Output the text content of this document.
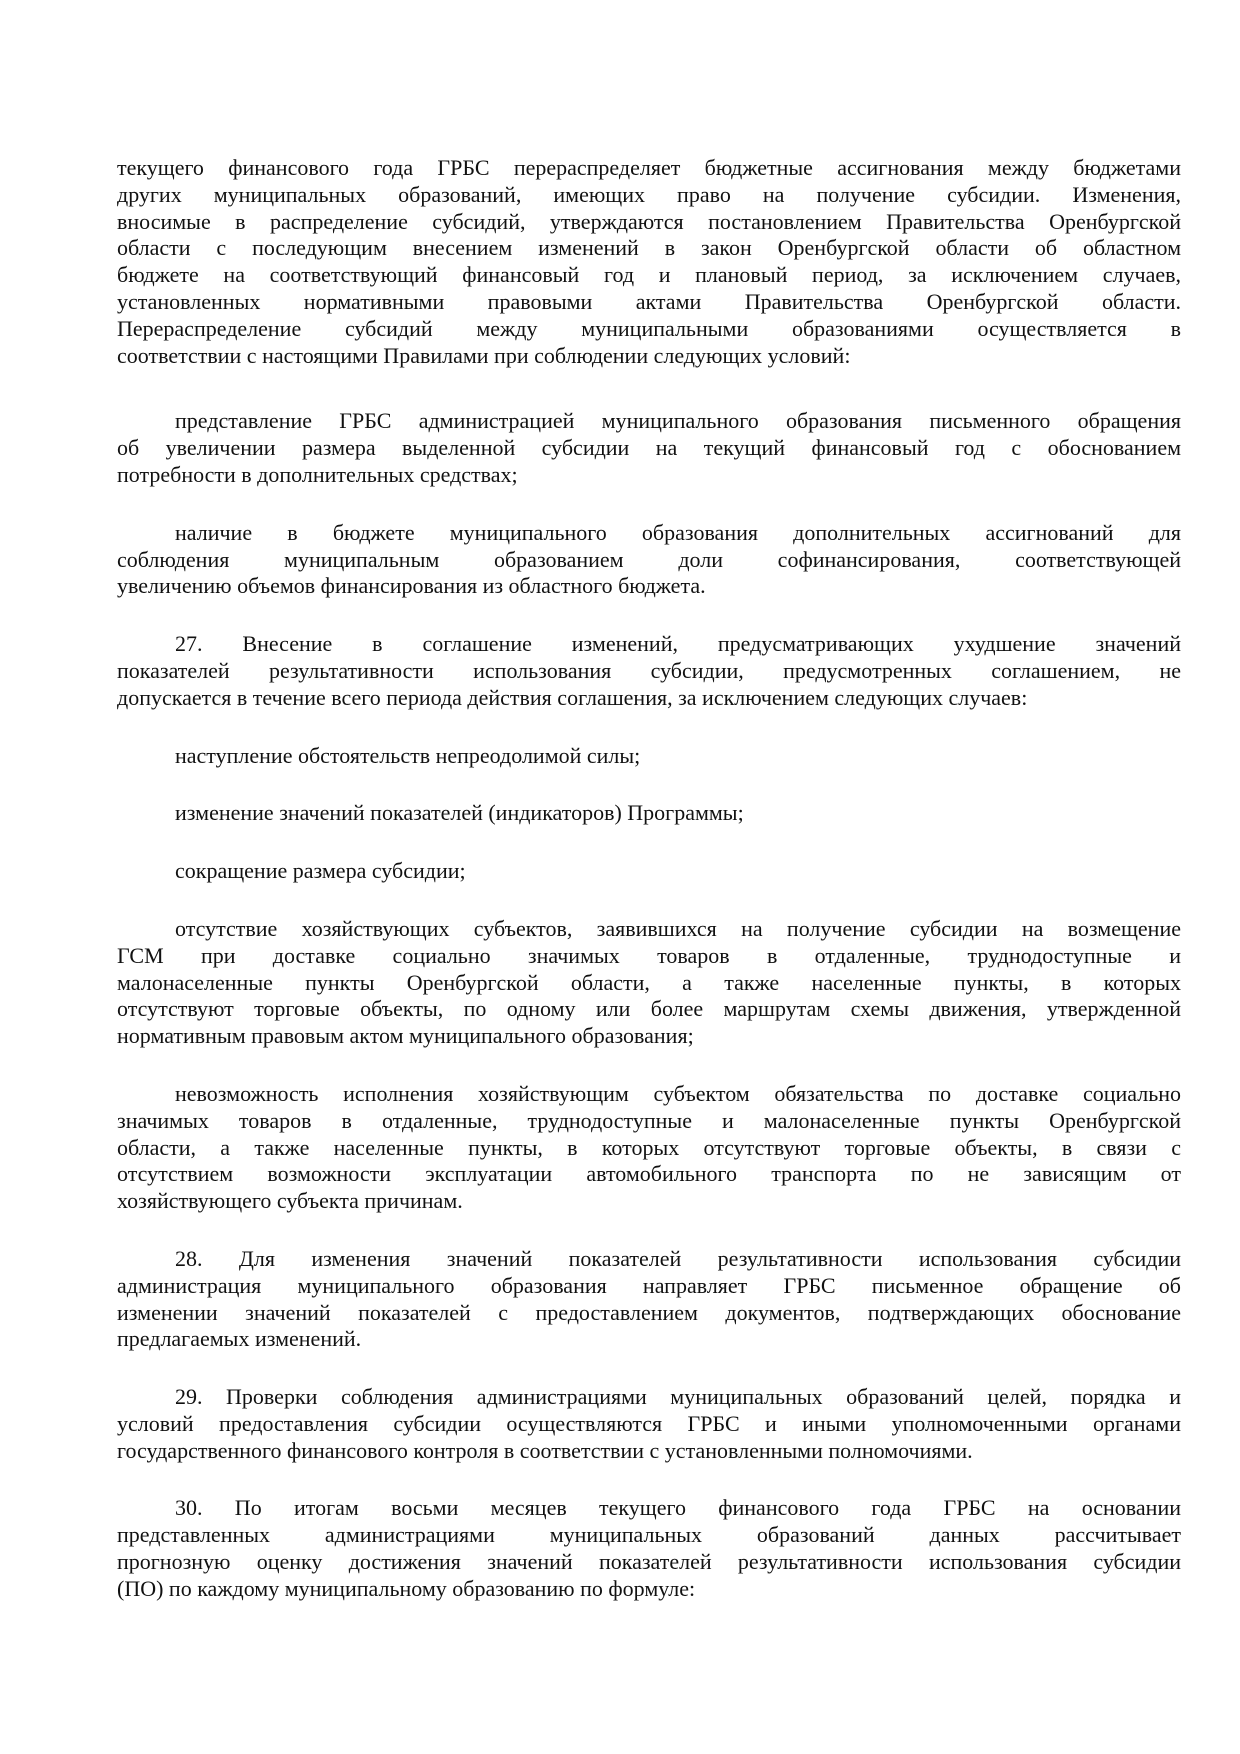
текущего финансового года ГРБС перераспределяет бюджетные ассигнования между бюджетами
других муниципальных образований, имеющих право на получение субсидии. Изменения,
вносимые в распределение субсидий, утверждаются постановлением Правительства Оренбургской
области с последующим внесением изменений в закон Оренбургской области об областном
бюджете на соответствующий финансовый год и плановый период, за исключением случаев,
установленных нормативными правовыми актами Правительства Оренбургской области.
Перераспределение субсидий между муниципальными образованиями осуществляется в
соответствии с настоящими Правилами при соблюдении следующих условий:
представление ГРБС администрацией муниципального образования письменного обращения
об увеличении размера выделенной субсидии на текущий финансовый год с обоснованием
потребности в дополнительных средствах;
наличие в бюджете муниципального образования дополнительных ассигнований для
соблюдения муниципальным образованием доли софинансирования, соответствующей
увеличению объемов финансирования из областного бюджета.
27. Внесение в соглашение изменений, предусматривающих ухудшение значений
показателей результативности использования субсидии, предусмотренных соглашением, не
допускается в течение всего периода действия соглашения, за исключением следующих случаев:
наступление обстоятельств непреодолимой силы;
изменение значений показателей (индикаторов) Программы;
сокращение размера субсидии;
отсутствие хозяйствующих субъектов, заявившихся на получение субсидии на возмещение
ГСМ при доставке социально значимых товаров в отдаленные, труднодоступные и
малонаселенные пункты Оренбургской области, а также населенные пункты, в которых
отсутствуют торговые объекты, по одному или более маршрутам схемы движения, утвержденной
нормативным правовым актом муниципального образования;
невозможность исполнения хозяйствующим субъектом обязательства по доставке социально
значимых товаров в отдаленные, труднодоступные и малонаселенные пункты Оренбургской
области, а также населенные пункты, в которых отсутствуют торговые объекты, в связи с
отсутствием возможности эксплуатации автомобильного транспорта по не зависящим от
хозяйствующего субъекта причинам.
28. Для изменения значений показателей результативности использования субсидии
администрация муниципального образования направляет ГРБС письменное обращение об
изменении значений показателей с предоставлением документов, подтверждающих обоснование
предлагаемых изменений.
29. Проверки соблюдения администрациями муниципальных образований целей, порядка и
условий предоставления субсидии осуществляются ГРБС и иными уполномоченными органами
государственного финансового контроля в соответствии с установленными полномочиями.
30. По итогам восьми месяцев текущего финансового года ГРБС на основании
представленных администрациями муниципальных образований данных рассчитывает
прогнозную оценку достижения значений показателей результативности использования субсидии
(ПО) по каждому муниципальному образованию по формуле:
